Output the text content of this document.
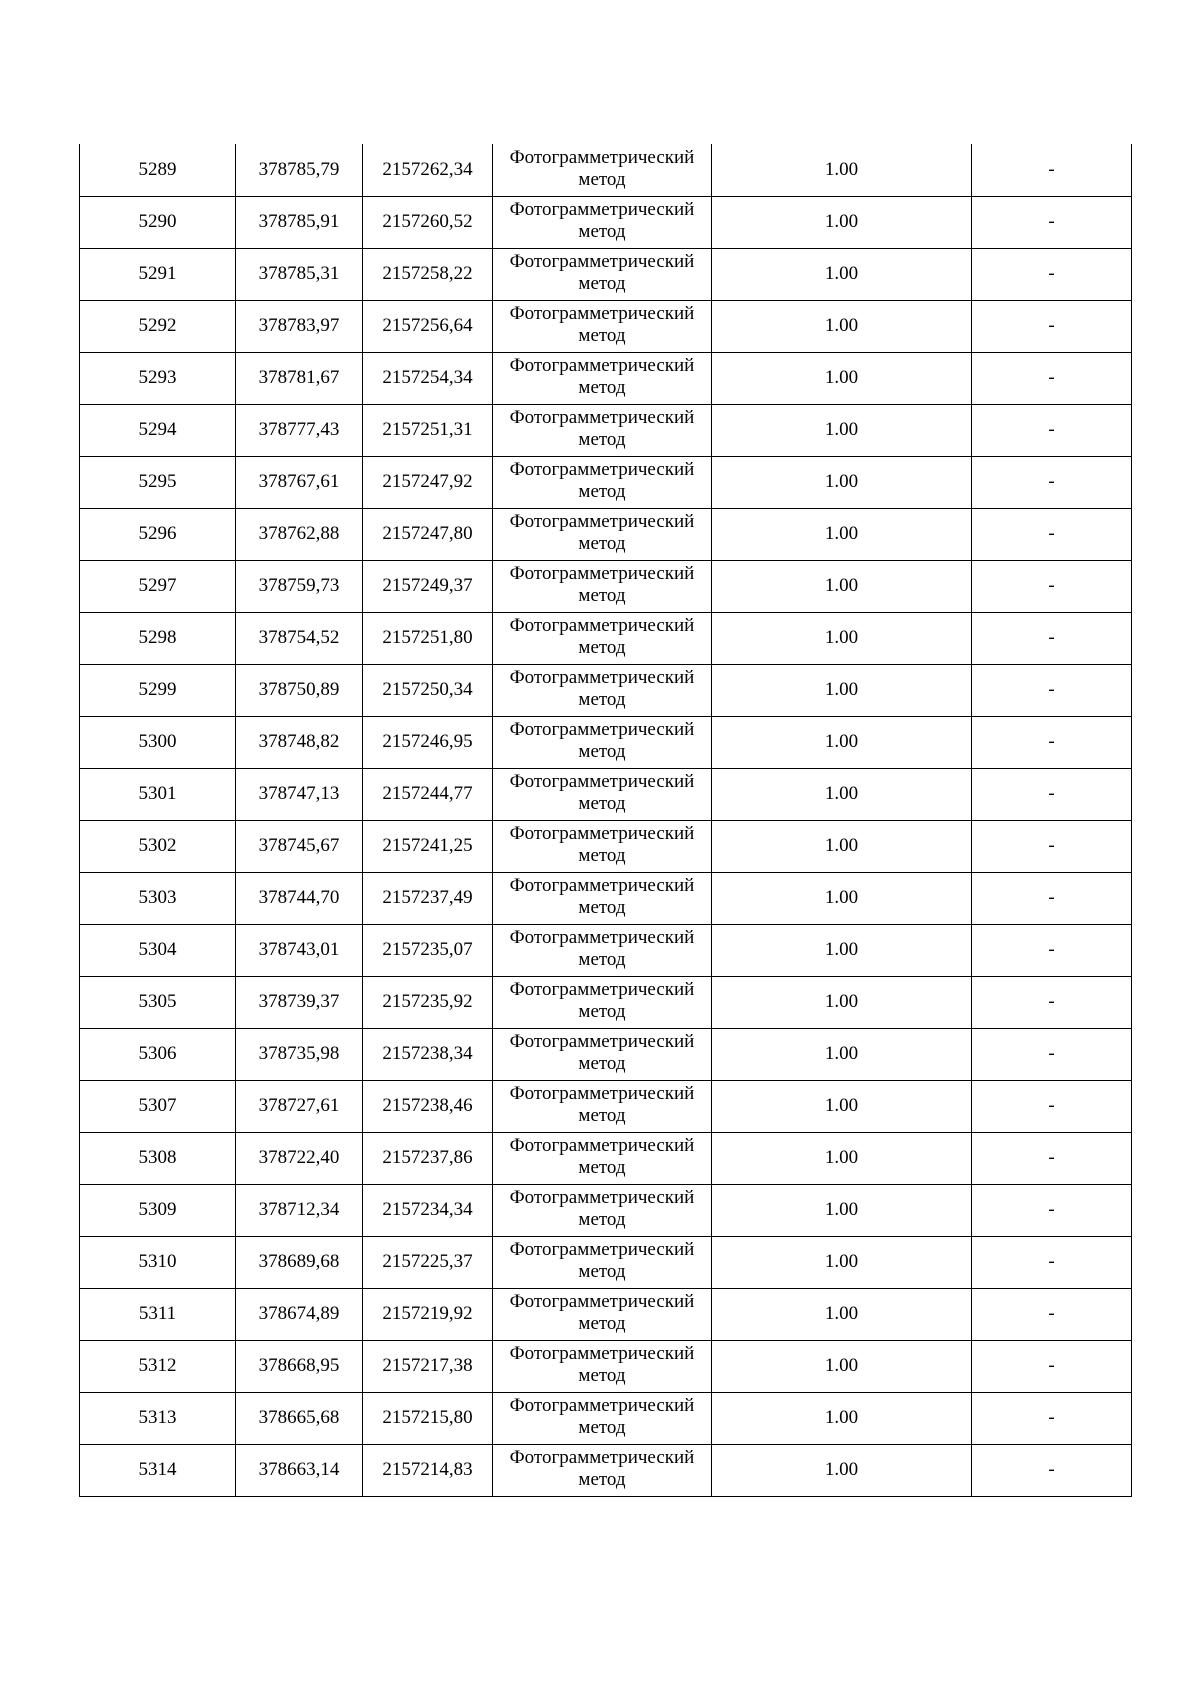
5289	378785,79	2157262,34	Фотограмметрический метод	1.00	-
5290	378785,91	2157260,52	Фотограмметрический метод	1.00	-
5291	378785,31	2157258,22	Фотограмметрический метод	1.00	-
5292	378783,97	2157256,64	Фотограмметрический метод	1.00	-
5293	378781,67	2157254,34	Фотограмметрический метод	1.00	-
5294	378777,43	2157251,31	Фотограмметрический метод	1.00	-
5295	378767,61	2157247,92	Фотограмметрический метод	1.00	-
5296	378762,88	2157247,80	Фотограмметрический метод	1.00	-
5297	378759,73	2157249,37	Фотограмметрический метод	1.00	-
5298	378754,52	2157251,80	Фотограмметрический метод	1.00	-
5299	378750,89	2157250,34	Фотограмметрический метод	1.00	-
5300	378748,82	2157246,95	Фотограмметрический метод	1.00	-
5301	378747,13	2157244,77	Фотограмметрический метод	1.00	-
5302	378745,67	2157241,25	Фотограмметрический метод	1.00	-
5303	378744,70	2157237,49	Фотограмметрический метод	1.00	-
5304	378743,01	2157235,07	Фотограмметрический метод	1.00	-
5305	378739,37	2157235,92	Фотограмметрический метод	1.00	-
5306	378735,98	2157238,34	Фотограмметрический метод	1.00	-
5307	378727,61	2157238,46	Фотограмметрический метод	1.00	-
5308	378722,40	2157237,86	Фотограмметрический метод	1.00	-
5309	378712,34	2157234,34	Фотограмметрический метод	1.00	-
5310	378689,68	2157225,37	Фотограмметрический метод	1.00	-
5311	378674,89	2157219,92	Фотограмметрический метод	1.00	-
5312	378668,95	2157217,38	Фотограмметрический метод	1.00	-
5313	378665,68	2157215,80	Фотограмметрический метод	1.00	-
5314	378663,14	2157214,83	Фотограмметрический метод	1.00	-
